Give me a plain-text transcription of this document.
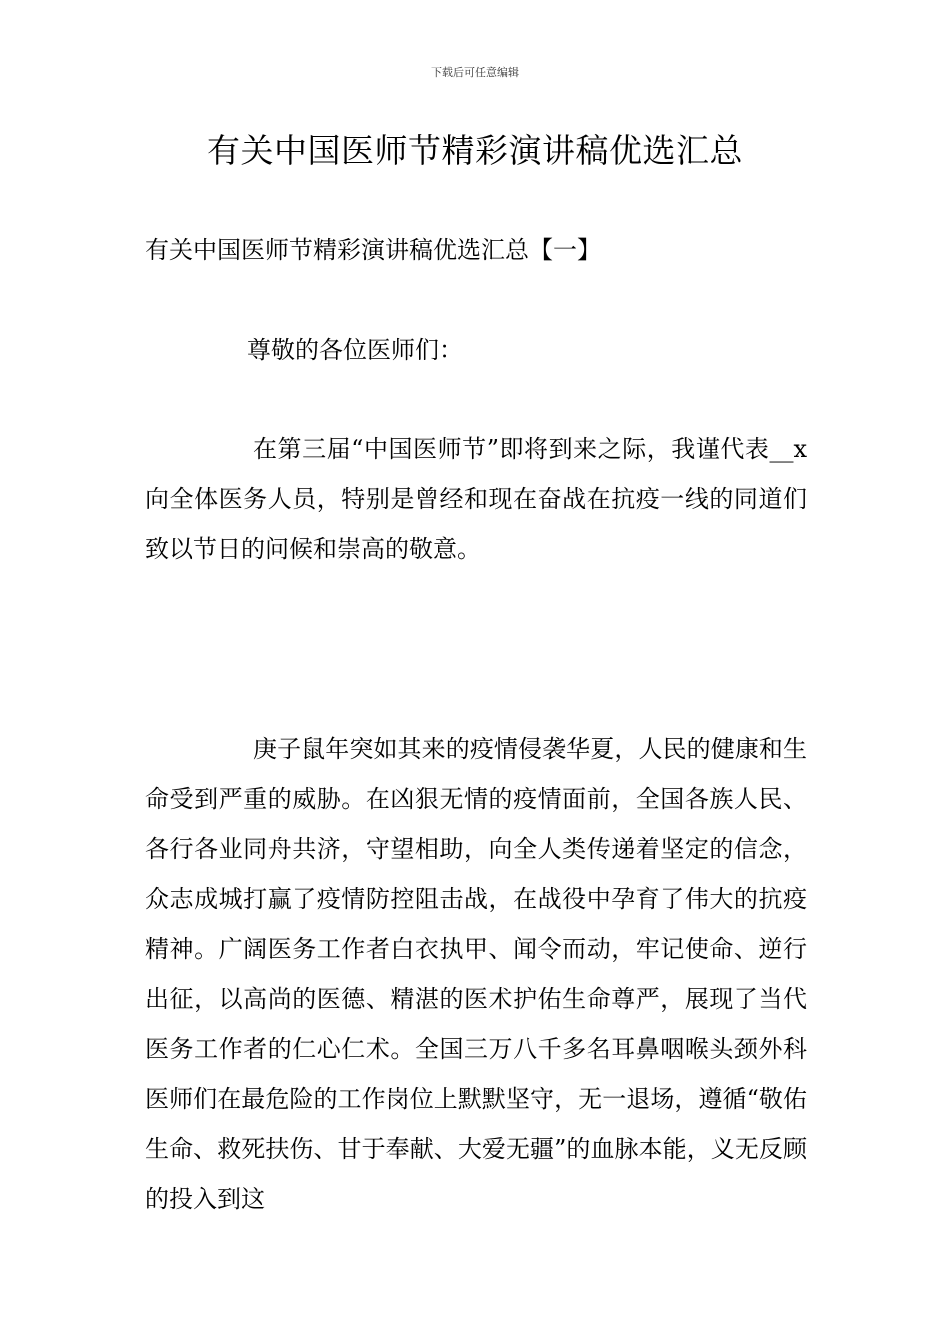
下载后可任意编辑
有关中国医师节精彩演讲稿优选汇总
有关中国医师节精彩演讲稿优选汇总【一】

尊敬的各位医师们：

在第三届“中国医师节”即将到来之际，我谨代表__x向全体医务人员，特别是曾经和现在奋战在抗疫一线的同道们致以节日的问候和崇高的敬意。

庚子鼠年突如其来的疫情侵袭华夏，人民的健康和生命受到严重的威胁。在凶狠无情的疫情面前，全国各族人民、各行各业同舟共济，守望相助，向全人类传递着坚定的信念，众志成城打赢了疫情防控阻击战，在战役中孕育了伟大的抗疫精神。广阔医务工作者白衣执甲、闻令而动，牢记使命、逆行出征，以高尚的医德、精湛的医术护佑生命尊严，展现了当代医务工作者的仁心仁术。全国三万八千多名耳鼻咽喉头颈外科医师们在最危险的工作岗位上默默坚守，无一退场，遵循“敬佑生命、救死扶伤、甘于奉献、大爱无疆”的血脉本能，义无反顾的投入到这
